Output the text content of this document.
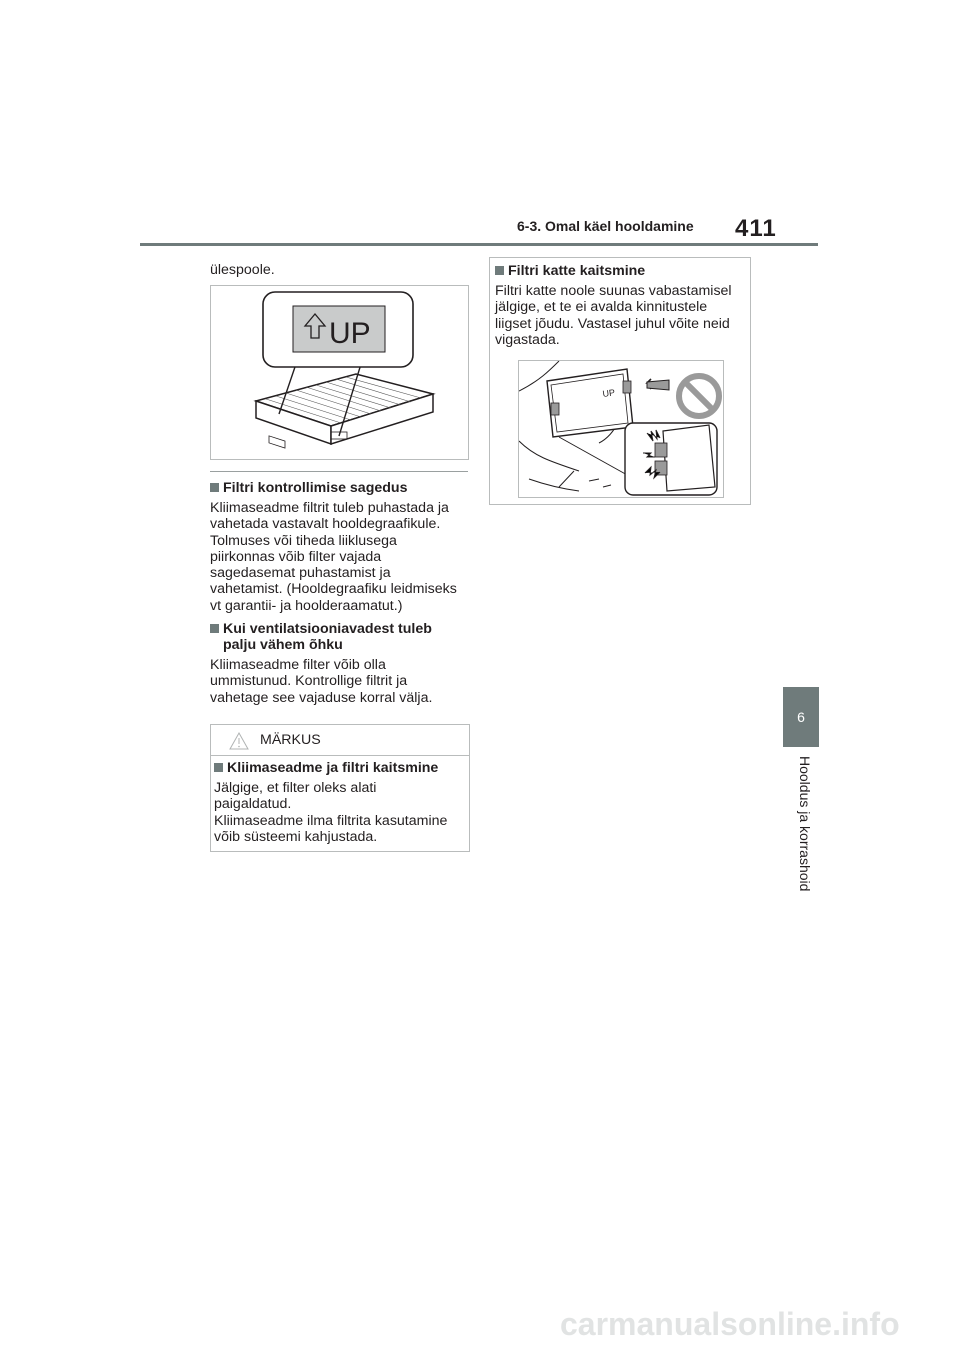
6-3. Omal käel hooldamine 411
6
Hooldus ja korrashoid
ülespoole.
UP
Filtri kontrollimise sagedus
Kliimaseadme filtrit tuleb puhastada ja
vahetada vastavalt hooldegraafikule.
Tolmuses või tiheda liiklusega
piirkonnas võib filter vajada
sagedasemat puhastamist ja
vahetamist. (Hooldegraafiku leidmiseks
vt garantii- ja hoolderaamatut.)
Kui ventilatsiooniavadest tuleb
palju vähem õhku
Kliimaseadme filter võib olla
ummistunud. Kontrollige filtrit ja
vahetage see vajaduse korral välja.
MÄRKUS
Kliimaseadme ja filtri kaitsmine
Jälgige, et filter oleks alati
paigaldatud.
Kliimaseadme ilma filtrita kasutamine
võib süsteemi kahjustada.
Filtri katte kaitsmine
Filtri katte noole suunas vabastamisel
jälgige, et te ei avalda kinnitustele
liigset jõudu. Vastasel juhul võite neid
vigastada.
UP
carmanualsonline.info
